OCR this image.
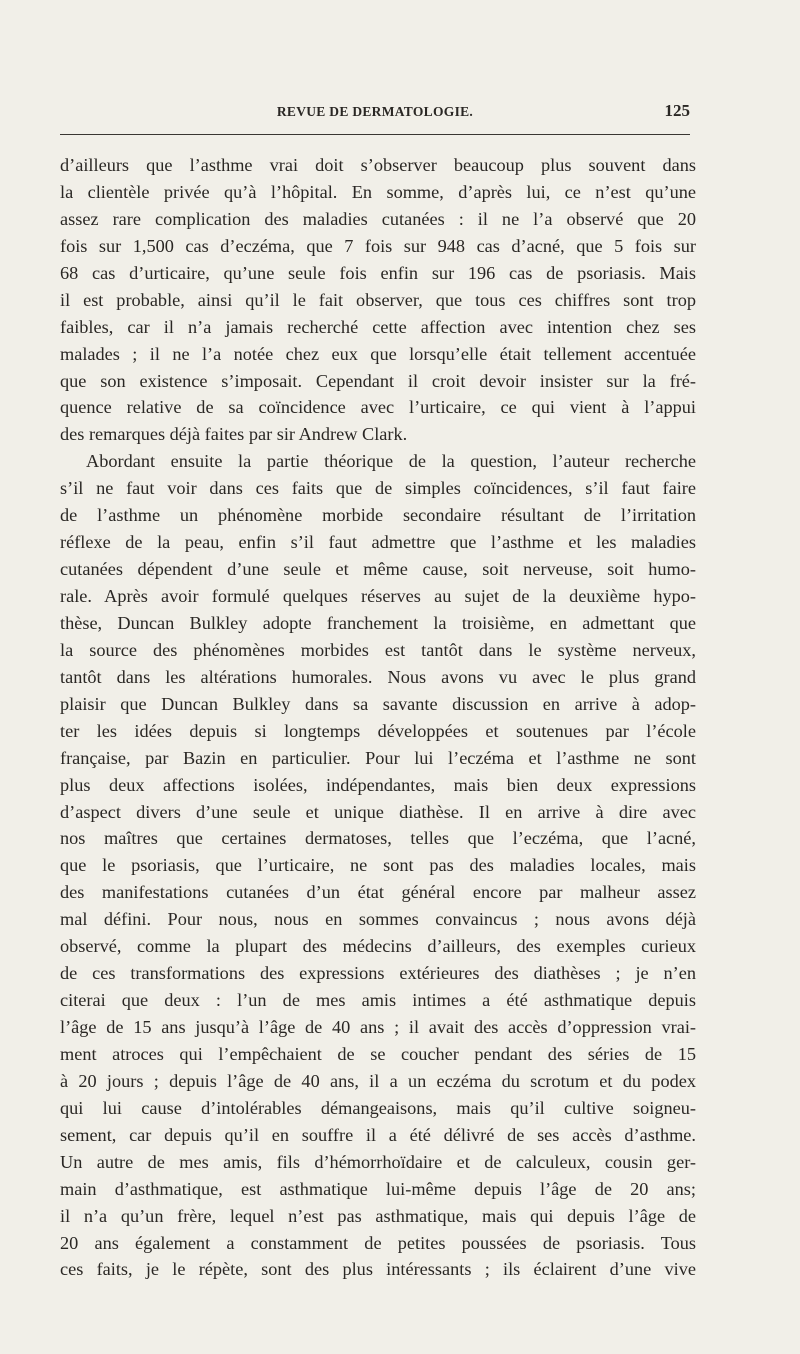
REVUE DE DERMATOLOGIE.	125
d’ailleurs que l’asthme vrai doit s’observer beaucoup plus souvent dans
la clientèle privée qu’à l’hôpital. En somme, d’après lui, ce n’est qu’une
assez rare complication des maladies cutanées : il ne l’a observé que 20
fois sur 1,500 cas d’eczéma, que 7 fois sur 948 cas d’acné, que 5 fois sur
68 cas d’urticaire, qu’une seule fois enfin sur 196 cas de psoriasis. Mais
il est probable, ainsi qu’il le fait observer, que tous ces chiffres sont trop
faibles, car il n’a jamais recherché cette affection avec intention chez ses
malades ; il ne l’a notée chez eux que lorsqu’elle était tellement accentuée
que son existence s’imposait. Cependant il croit devoir insister sur la fré-
quence relative de sa coïncidence avec l’urticaire, ce qui vient à l’appui
des remarques déjà faites par sir Andrew Clark.
Abordant ensuite la partie théorique de la question, l’auteur recherche
s’il ne faut voir dans ces faits que de simples coïncidences, s’il faut faire
de l’asthme un phénomène morbide secondaire résultant de l’irritation
réflexe de la peau, enfin s’il faut admettre que l’asthme et les maladies
cutanées dépendent d’une seule et même cause, soit nerveuse, soit humo-
rale. Après avoir formulé quelques réserves au sujet de la deuxième hypo-
thèse, Duncan Bulkley adopte franchement la troisième, en admettant que
la source des phénomènes morbides est tantôt dans le système nerveux,
tantôt dans les altérations humorales. Nous avons vu avec le plus grand
plaisir que Duncan Bulkley dans sa savante discussion en arrive à adop-
ter les idées depuis si longtemps développées et soutenues par l’école
française, par Bazin en particulier. Pour lui l’eczéma et l’asthme ne sont
plus deux affections isolées, indépendantes, mais bien deux expressions
d’aspect divers d’une seule et unique diathèse. Il en arrive à dire avec
nos maîtres que certaines dermatoses, telles que l’eczéma, que l’acné,
que le psoriasis, que l’urticaire, ne sont pas des maladies locales, mais
des manifestations cutanées d’un état général encore par malheur assez
mal défini. Pour nous, nous en sommes convaincus ; nous avons déjà
observé, comme la plupart des médecins d’ailleurs, des exemples curieux
de ces transformations des expressions extérieures des diathèses ; je n’en
citerai que deux : l’un de mes amis intimes a été asthmatique depuis
l’âge de 15 ans jusqu’à l’âge de 40 ans ; il avait des accès d’oppression vrai-
ment atroces qui l’empêchaient de se coucher pendant des séries de 15
à 20 jours ; depuis l’âge de 40 ans, il a un eczéma du scrotum et du podex
qui lui cause d’intolérables démangeaisons, mais qu’il cultive soigneu-
sement, car depuis qu’il en souffre il a été délivré de ses accès d’asthme.
Un autre de mes amis, fils d’hémorrhoïdaire et de calculeux, cousin ger-
main d’asthmatique, est asthmatique lui-même depuis l’âge de 20 ans;
il n’a qu’un frère, lequel n’est pas asthmatique, mais qui depuis l’âge de
20 ans également a constamment de petites poussées de psoriasis. Tous
ces faits, je le répète, sont des plus intéressants ; ils éclairent d’une vive
